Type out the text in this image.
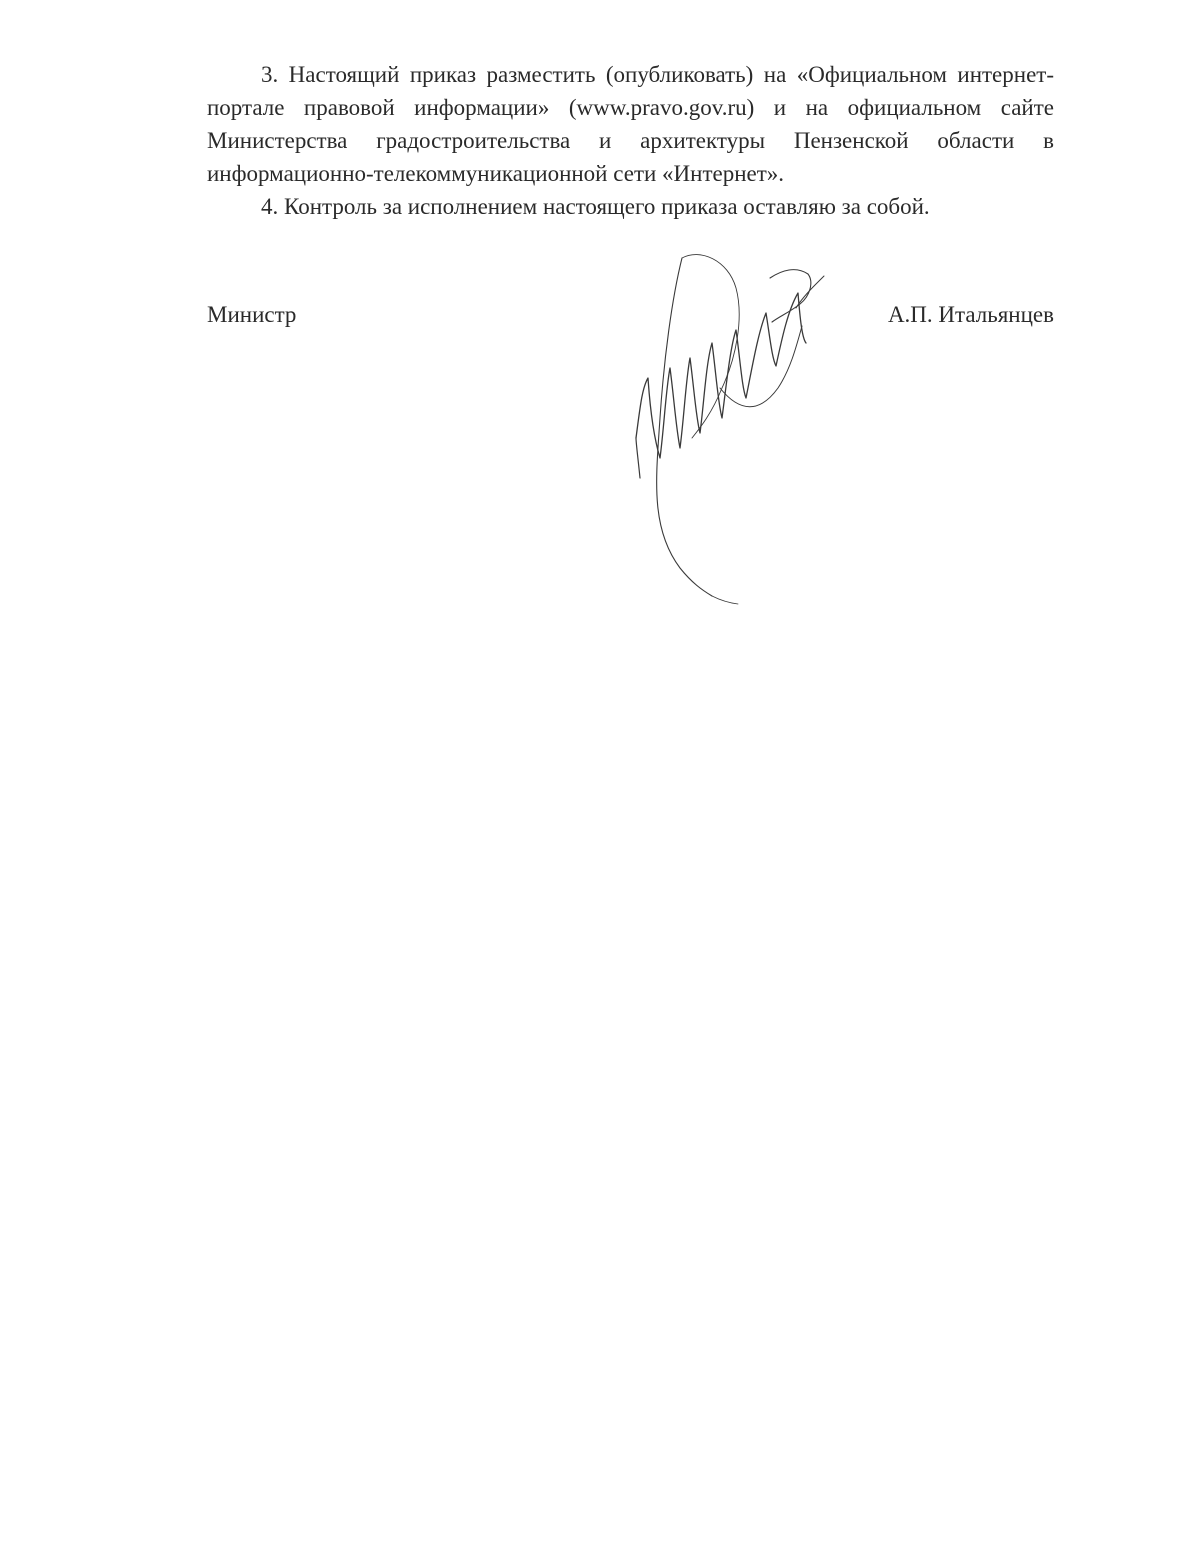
3. Настоящий приказ разместить (опубликовать) на «Официальном интернет-портале правовой информации» (www.pravo.gov.ru) и на официальном сайте Министерства градостроительства и архитектуры Пензенской области в информационно-телекоммуникационной сети «Интернет».

4. Контроль за исполнением настоящего приказа оставляю за собой.

Министр	А.П. Итальянцев
